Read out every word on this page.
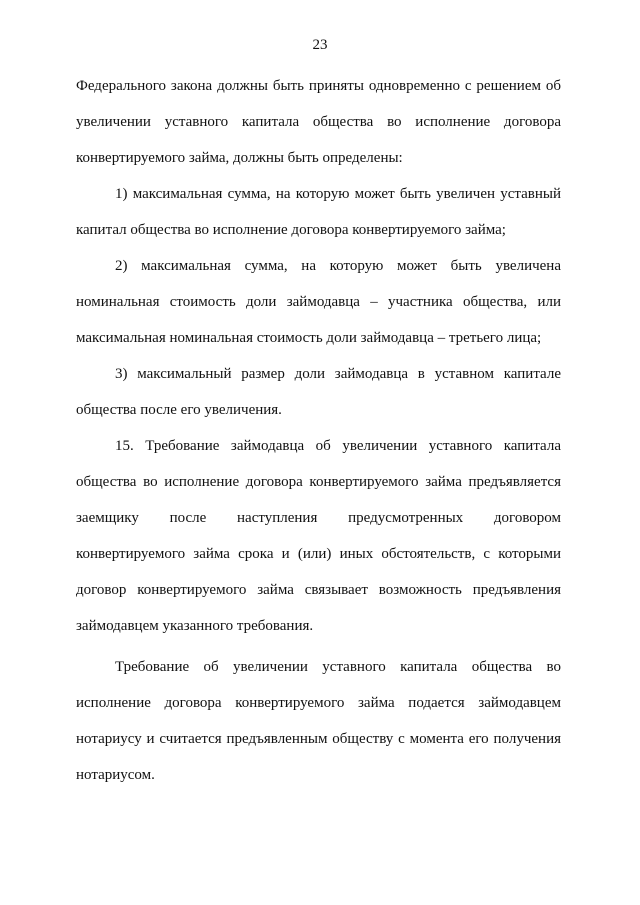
23
Федерального закона должны быть приняты одновременно с решением об
увеличении уставного капитала общества во исполнение договора
конвертируемого займа, должны быть определены:
1) максимальная сумма, на которую может быть увеличен уставный
капитал общества во исполнение договора конвертируемого займа;
2) максимальная сумма, на которую может быть увеличена
номинальная стоимость доли займодавца – участника общества, или
максимальная номинальная стоимость доли займодавца – третьего лица;
3) максимальный размер доли займодавца в уставном капитале
общества после его увеличения.
15. Требование займодавца об увеличении уставного капитала
общества во исполнение договора конвертируемого займа предъявляется
заемщику после наступления предусмотренных договором
конвертируемого займа срока и (или) иных обстоятельств, с которыми
договор конвертируемого займа связывает возможность предъявления
займодавцем указанного требования.
Требование об увеличении уставного капитала общества во
исполнение договора конвертируемого займа подается займодавцем
нотариусу и считается предъявленным обществу с момента его получения
нотариусом.
